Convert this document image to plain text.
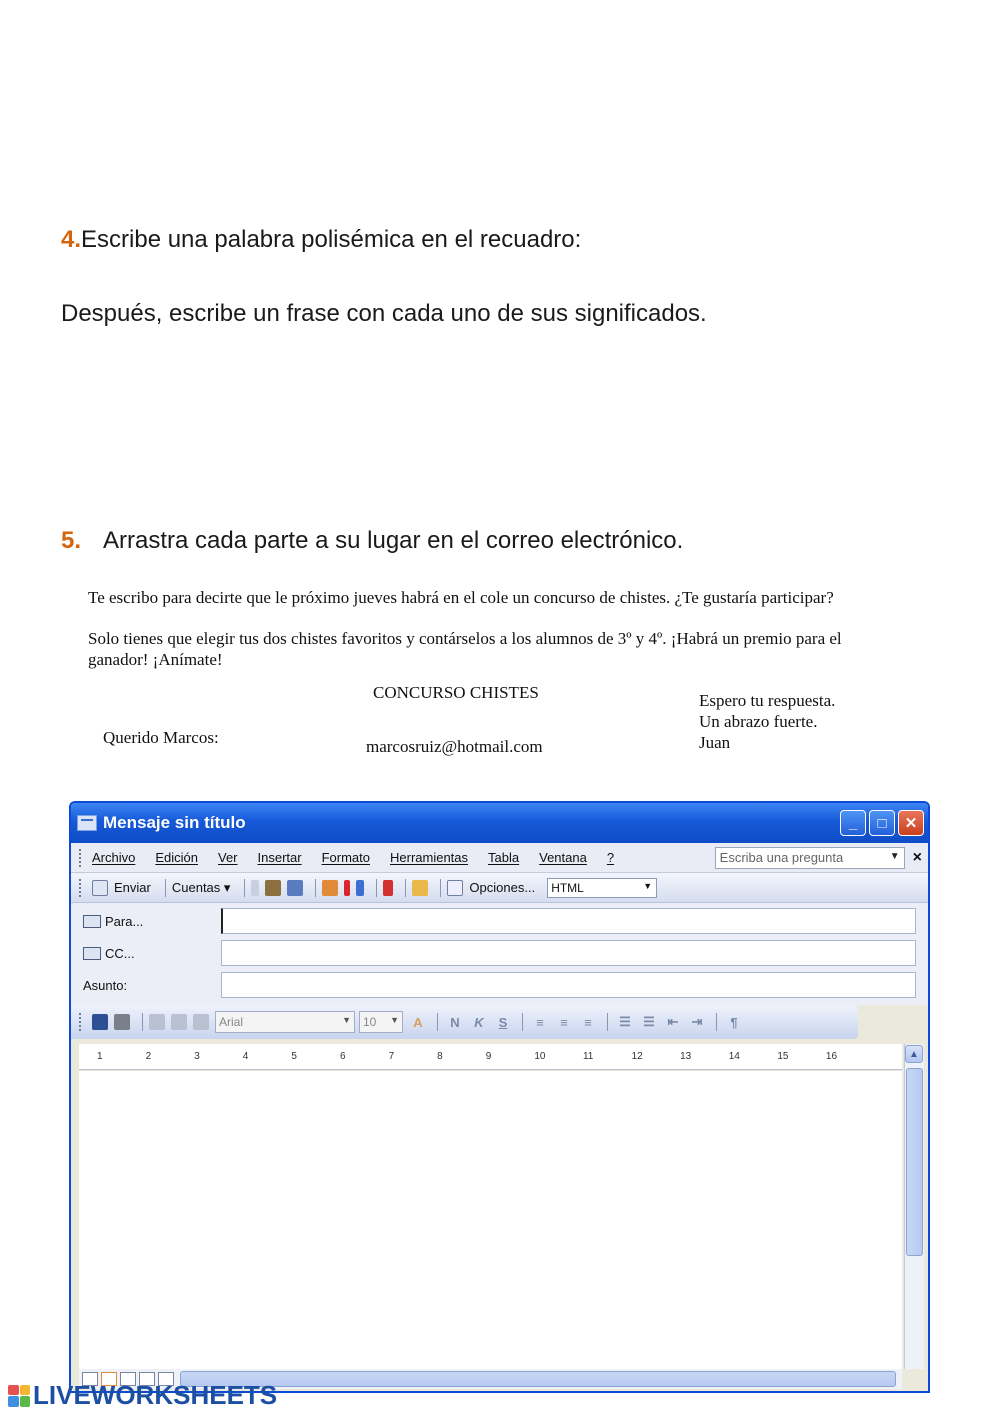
4.Escribe una palabra polisémica en el recuadro:
Después, escribe un frase con cada uno de sus significados.
5. Arrastra cada parte a su lugar en el correo electrónico.
Te escribo para decirte que le próximo jueves habrá en el cole un concurso de chistes. ¿Te gustaría participar?
Solo tienes que elegir tus dos chistes favoritos y contárselos a los alumnos de 3º y 4º. ¡Habrá un premio para el ganador! ¡Anímate!
CONCURSO CHISTES
Querido Marcos:	marcosruiz@hotmail.com
Espero tu respuesta.
Un abrazo fuerte.
Juan
Mensaje sin título	_	□	✕
Archivo Edición Ver Insertar Formato Herramientas Tabla Ventana ?	Escriba una pregunta	▼ ×
Enviar Cuentas ▾	Opciones... HTML	▼
Para...
CC...
Asunto:
Arial	▼ 10 ▼	A	N	K	S	≡	≡	≡	☰ ☰ ⇤	⇥	¶
1	2	3	4	5	6	7	8	9	10	11	12	13	14	15	16	▲
LIVEWORKSHEETS
